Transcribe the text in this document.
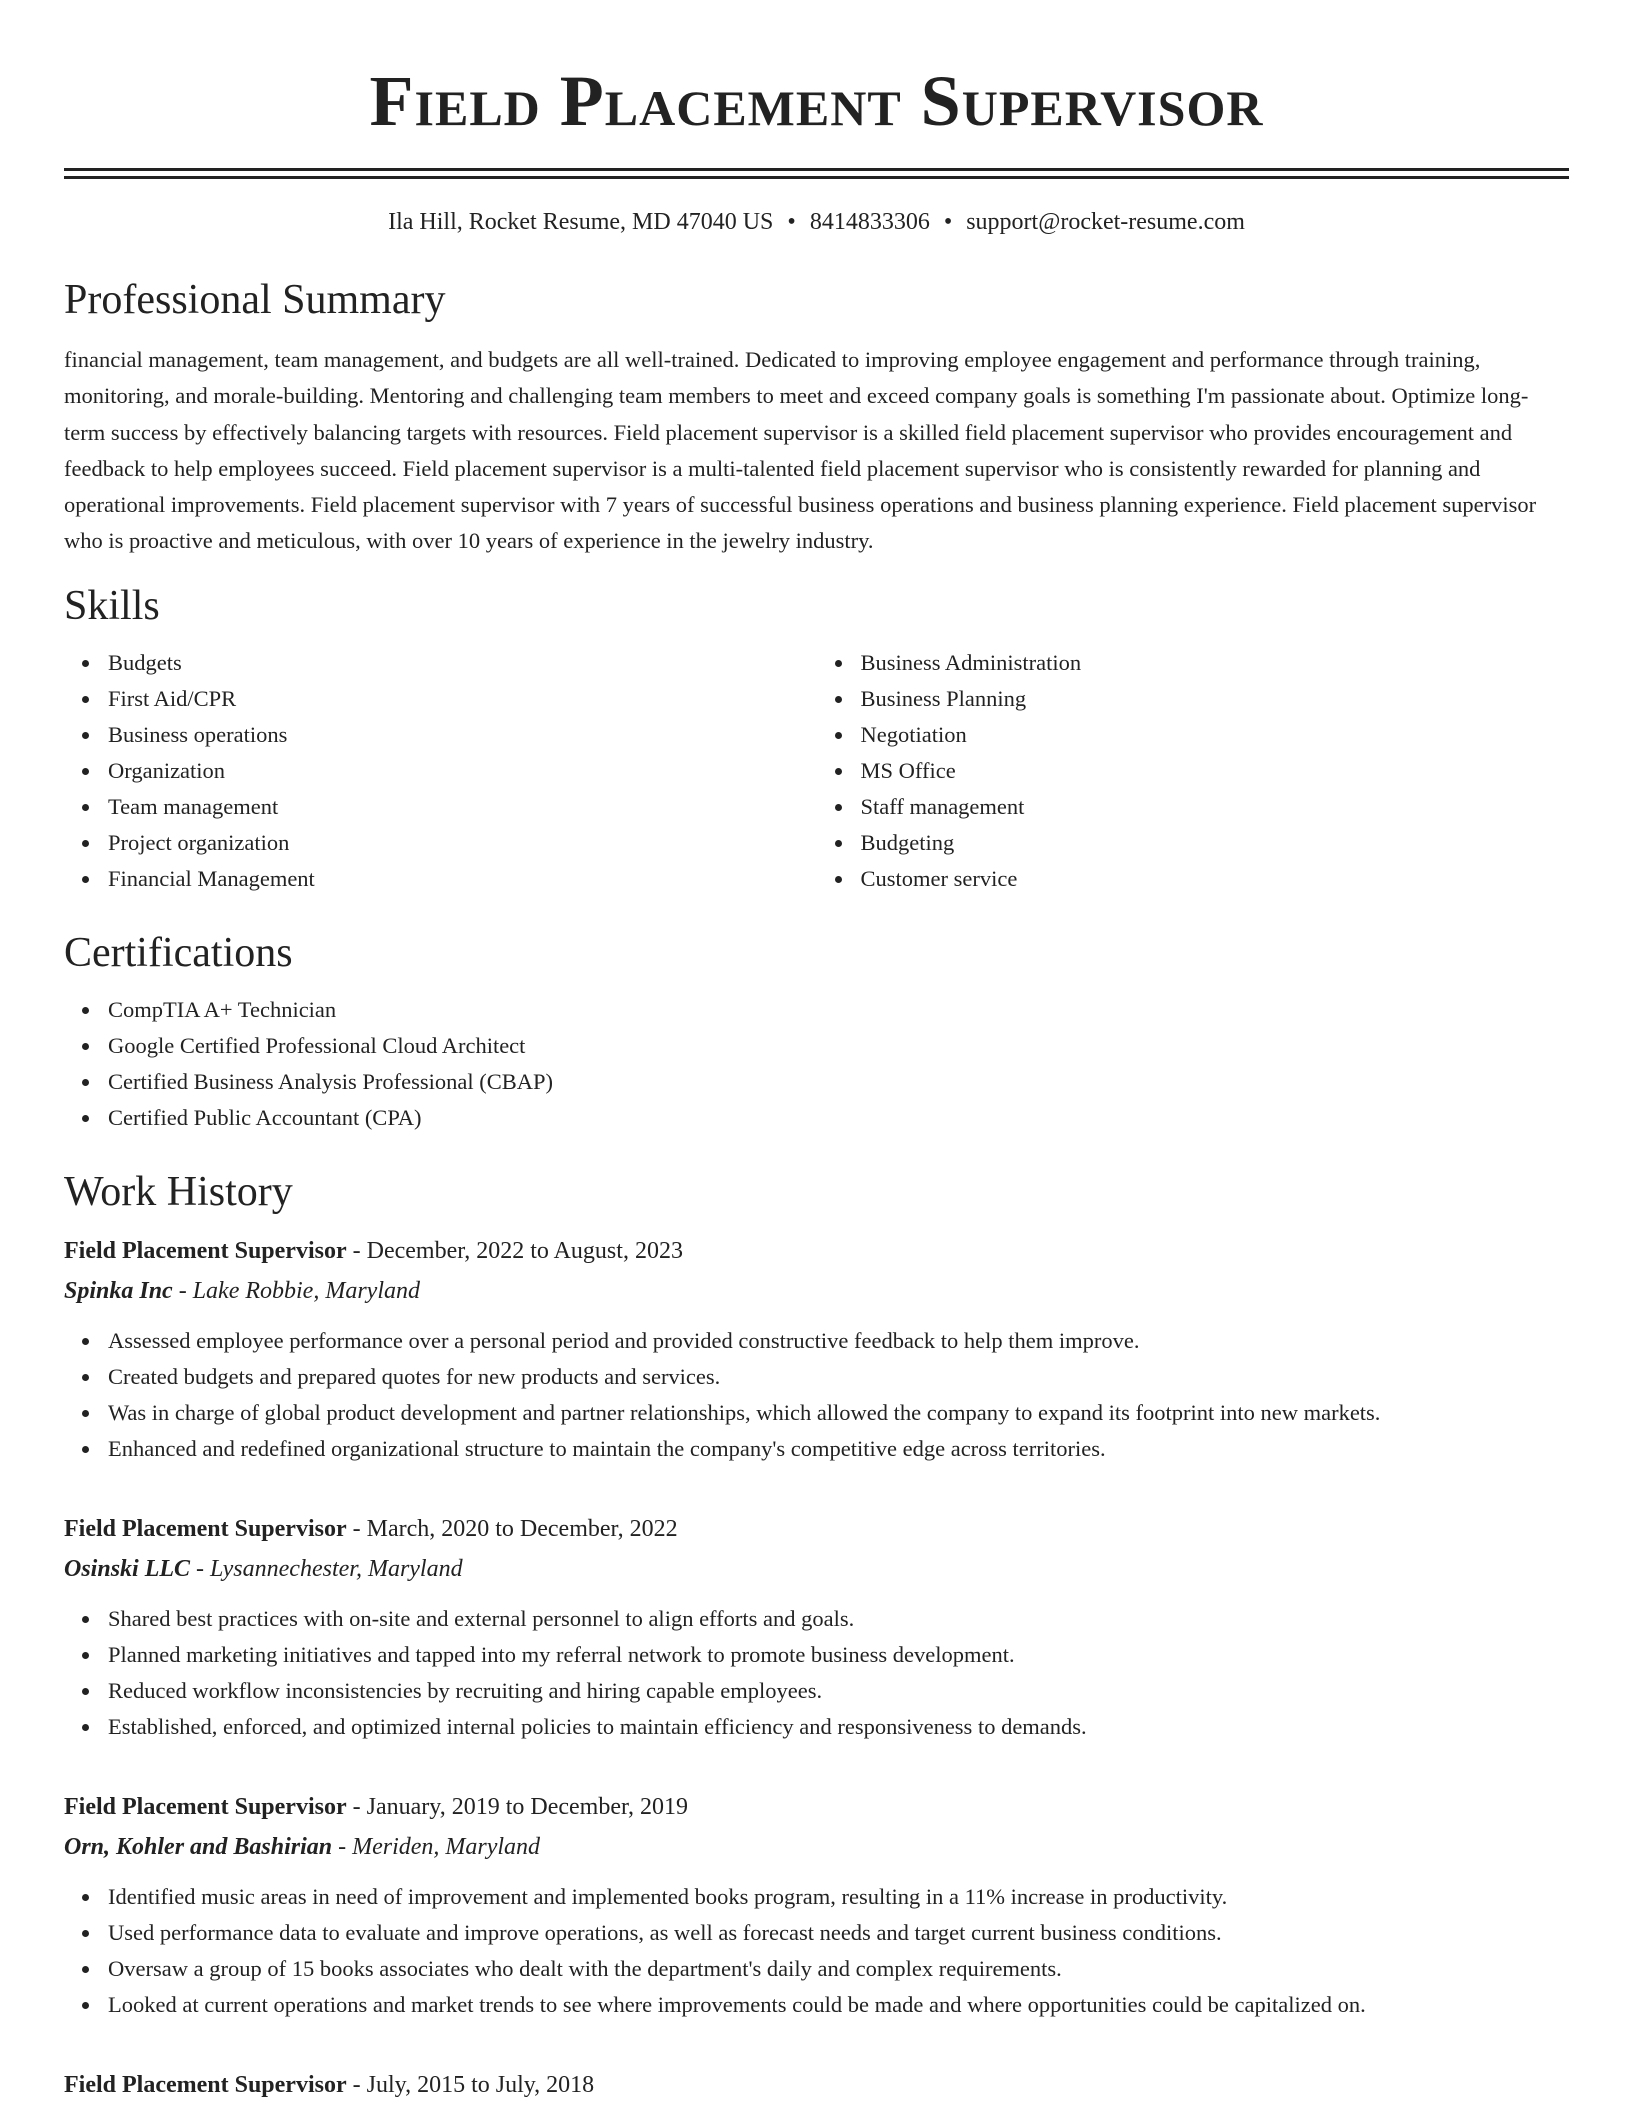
Field Placement Supervisor
Ila Hill, Rocket Resume, MD 47040 US • 8414833306 • support@rocket-resume.com
Professional Summary
financial management, team management, and budgets are all well-trained. Dedicated to improving employee engagement and performance through training, monitoring, and morale-building. Mentoring and challenging team members to meet and exceed company goals is something I'm passionate about. Optimize long-term success by effectively balancing targets with resources. Field placement supervisor is a skilled field placement supervisor who provides encouragement and feedback to help employees succeed. Field placement supervisor is a multi-talented field placement supervisor who is consistently rewarded for planning and operational improvements. Field placement supervisor with 7 years of successful business operations and business planning experience. Field placement supervisor who is proactive and meticulous, with over 10 years of experience in the jewelry industry.
Skills
Budgets
First Aid/CPR
Business operations
Organization
Team management
Project organization
Financial Management
Business Administration
Business Planning
Negotiation
MS Office
Staff management
Budgeting
Customer service
Certifications
CompTIA A+ Technician
Google Certified Professional Cloud Architect
Certified Business Analysis Professional (CBAP)
Certified Public Accountant (CPA)
Work History
Field Placement Supervisor - December, 2022 to August, 2023
Spinka Inc - Lake Robbie, Maryland
Assessed employee performance over a personal period and provided constructive feedback to help them improve.
Created budgets and prepared quotes for new products and services.
Was in charge of global product development and partner relationships, which allowed the company to expand its footprint into new markets.
Enhanced and redefined organizational structure to maintain the company's competitive edge across territories.
Field Placement Supervisor - March, 2020 to December, 2022
Osinski LLC - Lysannechester, Maryland
Shared best practices with on-site and external personnel to align efforts and goals.
Planned marketing initiatives and tapped into my referral network to promote business development.
Reduced workflow inconsistencies by recruiting and hiring capable employees.
Established, enforced, and optimized internal policies to maintain efficiency and responsiveness to demands.
Field Placement Supervisor - January, 2019 to December, 2019
Orn, Kohler and Bashirian - Meriden, Maryland
Identified music areas in need of improvement and implemented books program, resulting in a 11% increase in productivity.
Used performance data to evaluate and improve operations, as well as forecast needs and target current business conditions.
Oversaw a group of 15 books associates who dealt with the department's daily and complex requirements.
Looked at current operations and market trends to see where improvements could be made and where opportunities could be capitalized on.
Field Placement Supervisor - July, 2015 to July, 2018
